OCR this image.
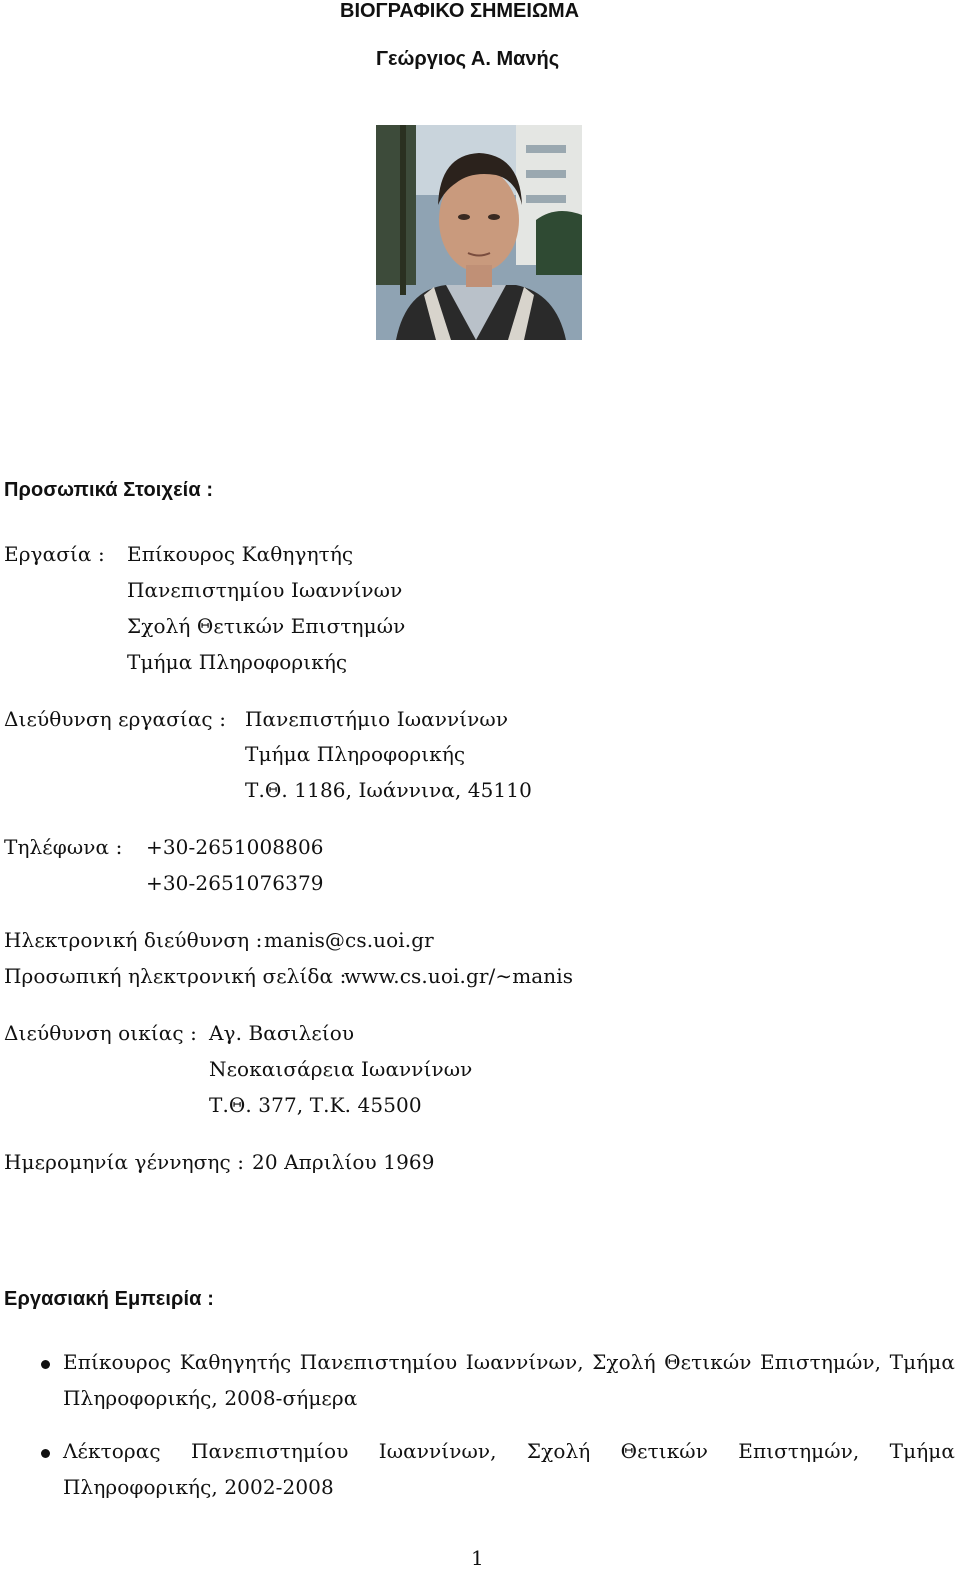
ΒΙΟΓΡΑΦΙΚΟ ΣΗΜΕΙΩΜΑ
Γεώργιος Α. Μανής
Προσωπικά Στοιχεία :
Εργασία : Επίκουρος Καθηγητής
Πανεπιστημίου Ιωαννίνων
Σχολή Θετικών Επιστημών
Τμήμα Πληροφορικής
Διεύθυνση εργασίας : Πανεπιστήμιο Ιωαννίνων
Τμήμα Πληροφορικής
Τ.Θ. 1186, Ιωάννινα, 45110
Τηλέφωνα : +30-2651008806
+30-2651076379
Ηλεκτρονική διεύθυνση : manis@cs.uoi.gr
Προσωπική ηλεκτρονική σελίδα :
www.cs.uoi.gr/∼manis
Διεύθυνση οικίας : Αγ. Βασιλείου
Νεοκαισάρεια Ιωαννίνων
Τ.Θ. 377, Τ.Κ. 45500
Ημερομηνία γέννησης : 20 Απριλίου 1969
Εργασιακή Εμπειρία :
Επίκουρος Καθηγητής Πανεπιστημίου Ιωαννίνων, Σχολή Θετικών Επιστημών, Τμήμα Πληροφορικής, 2008-σήμερα
Λέκτορας Πανεπιστημίου Ιωαννίνων, Σχολή Θετικών Επιστημών, Τμήμα Πληροφορικής, 2002-2008
1
